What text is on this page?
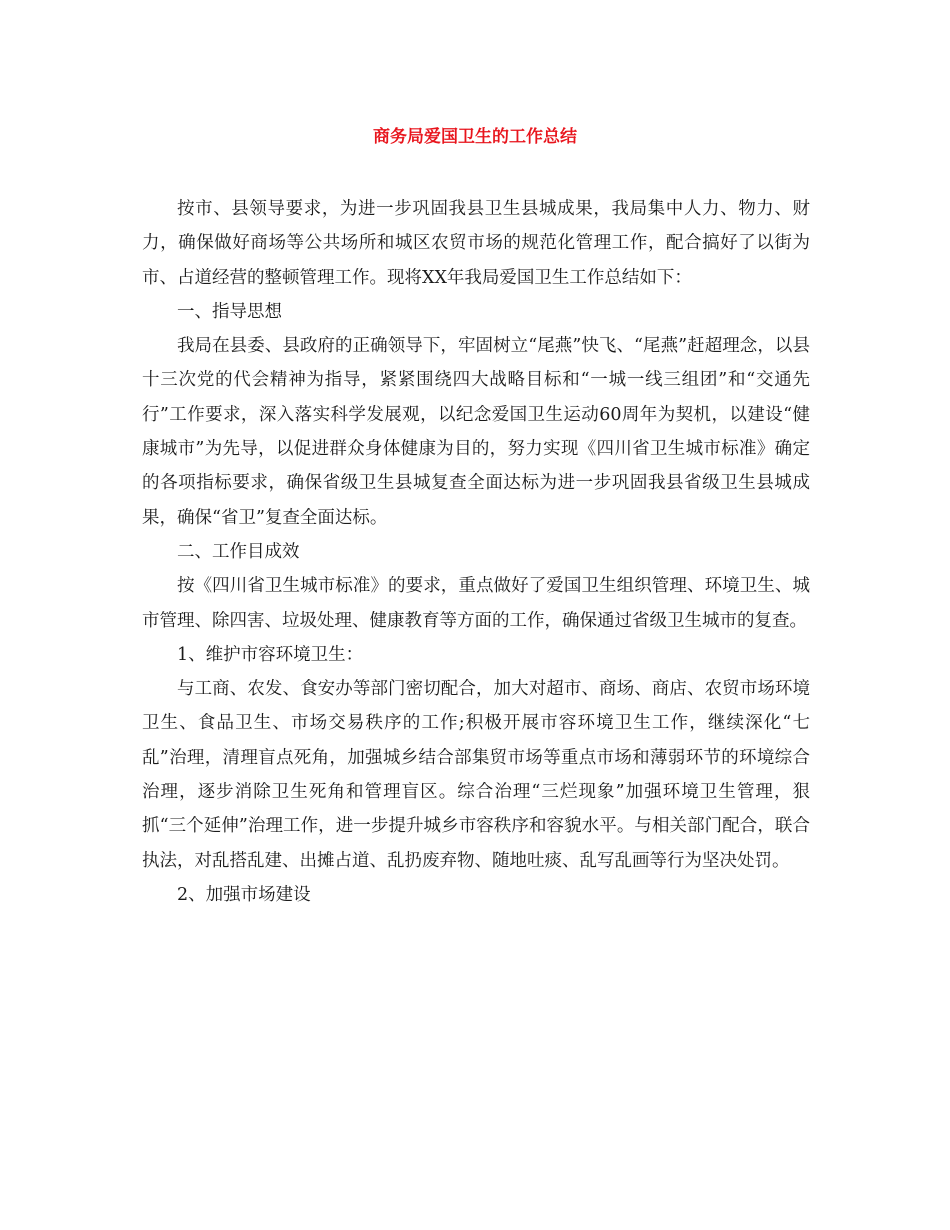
商务局爱国卫生的工作总结

按市、县领导要求，为进一步巩固我县卫生县城成果，我局集中人力、物力、财力，确保做好商场等公共场所和城区农贸市场的规范化管理工作，配合搞好了以街为市、占道经营的整顿管理工作。现将XX年我局爱国卫生工作总结如下：

一、指导思想

我局在县委、县政府的正确领导下，牢固树立“尾燕”快飞、“尾燕”赶超理念，以县十三次党的代会精神为指导，紧紧围绕四大战略目标和“一城一线三组团”和“交通先行”工作要求，深入落实科学发展观，以纪念爱国卫生运动60周年为契机，以建设“健康城市”为先导，以促进群众身体健康为目的，努力实现《四川省卫生城市标准》确定的各项指标要求，确保省级卫生县城复查全面达标为进一步巩固我县省级卫生县城成果，确保“省卫”复查全面达标。

二、工作目成效

按《四川省卫生城市标准》的要求，重点做好了爱国卫生组织管理、环境卫生、城市管理、除四害、垃圾处理、健康教育等方面的工作，确保通过省级卫生城市的复查。

1、维护市容环境卫生：

与工商、农发、食安办等部门密切配合，加大对超市、商场、商店、农贸市场环境卫生、食品卫生、市场交易秩序的工作;积极开展市容环境卫生工作，继续深化“七乱”治理，清理盲点死角，加强城乡结合部集贸市场等重点市场和薄弱环节的环境综合治理，逐步消除卫生死角和管理盲区。综合治理“三烂现象”加强环境卫生管理，狠抓“三个延伸”治理工作，进一步提升城乡市容秩序和容貌水平。与相关部门配合，联合执法，对乱搭乱建、出摊占道、乱扔废弃物、随地吐痰、乱写乱画等行为坚决处罚。

2、加强市场建设
